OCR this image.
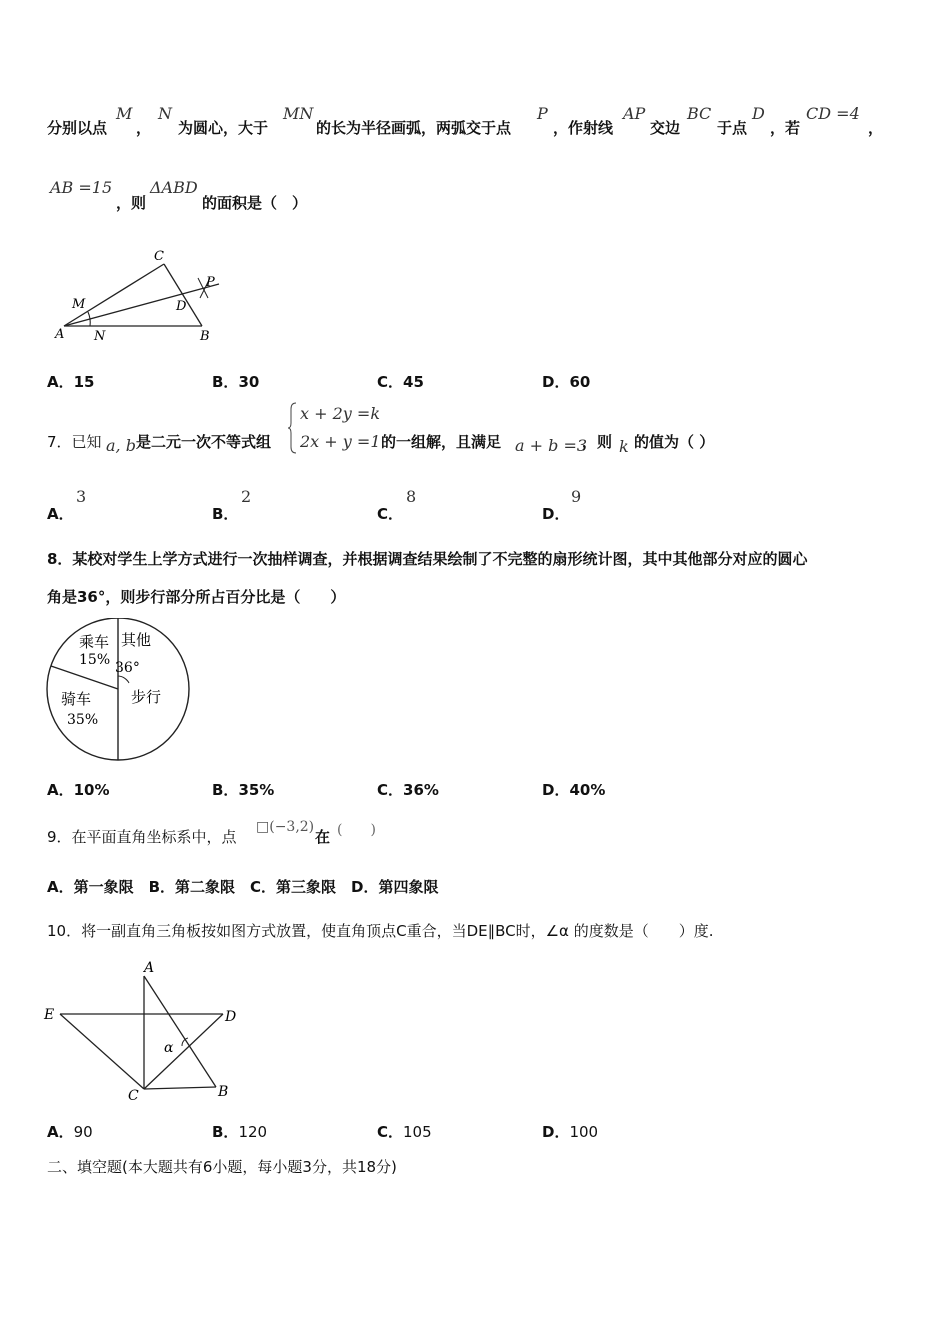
分别以点
M
，
N
为圆心，大于
MN
的长为半径画弧，两弧交于点
P
，作射线
AP
交边
BC
于点
D
，若
CD =4
，
AB =15
，则
ΔABD
的面积是（　）
C
P
M	D
A N	B
A．15	B．30	C．45	D．60
7．已知 a, b 是二元一次不等式组
x + 2y =k
2x + y =1 的一组解，且满足 a + b =3
，则 k 的值为（ ）
A．
3
B．
2
C．
8
D．
9
8．某校对学生上学方式进行一次抽样调查，并根据调查结果绘制了不完整的扇形统计图，其中其他部分对应的圆心
角是36°，则步行部分所占百分比是（　　）
乘车
15%
其他
36°
骑车
35%
步行
A．10%	B．35%	C．36%	D．40%
9．在平面直角坐标系中，点
□(−3,2)
在 (　　)
A．第一象限　B．第二象限　C．第三象限　D．第四象限
10．将一副直角三角板按如图方式放置，使直角顶点C重合，当DE∥BC时，∠α 的度数是（　　）度.
A
E	D
α
C	B
A．90	B．120	C．105	D．100
二、填空题(本大题共有6小题，每小题3分，共18分)
